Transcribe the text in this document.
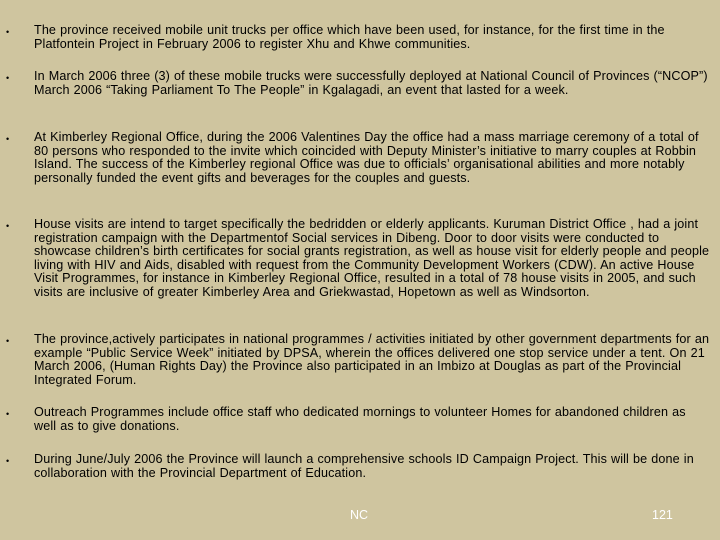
• The province received mobile unit trucks per office which have been used, for instance, for the first time in the Platfontein Project in February 2006 to register Xhu and Khwe communities.

• In March 2006 three (3) of these mobile trucks were successfully deployed at National Council of Provinces (“NCOP”) March 2006 “Taking Parliament To The People” in Kgalagadi, an event that lasted for a week.

• At Kimberley Regional Office, during the 2006 Valentines Day the office had a mass marriage ceremony of a total of 80 persons who responded to the invite which coincided with Deputy Minister’s initiative to marry couples at Robbin Island. The success of the Kimberley regional Office was due to officials’ organisational abilities and more notably personally funded the event gifts and beverages for the couples and guests.

• House visits are intend to target specifically the bedridden or elderly applicants. Kuruman District Office , had a joint registration campaign with the Departmentof Social services in Dibeng. Door to door visits were conducted to showcase children’s birth certificates for social grants registration, as well as house visit for elderly people and people living with HIV and Aids, disabled with request from the Community Development Workers (CDW). An active House Visit Programmes, for instance in Kimberley Regional Office, resulted in a total of 78 house visits in 2005, and such visits are inclusive of greater Kimberley Area and Griekwastad, Hopetown as well as Windsorton.

• The province,actively participates in national programmes / activities initiated by other government departments for an example “Public Service Week” initiated by DPSA, wherein the offices delivered one stop service under a tent. On 21 March 2006, (Human Rights Day) the Province also participated in an Imbizo at Douglas as part of the Provincial Integrated Forum.

• Outreach Programmes include office staff who dedicated mornings to volunteer Homes for abandoned children as well as to give donations.

• During June/July 2006 the Province will launch a comprehensive schools ID Campaign Project. This will be done in collaboration with the Provincial Department of Education.

NC	121
